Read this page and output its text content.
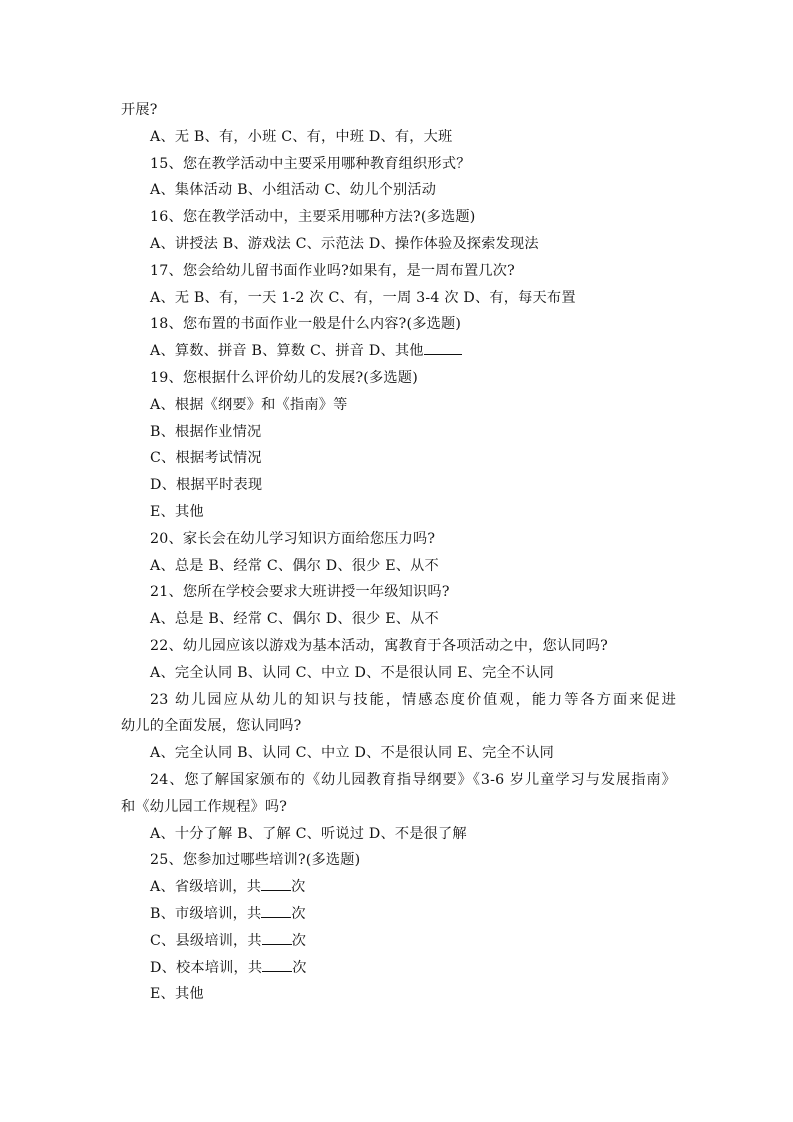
开展?
A、无 B、有，小班 C、有，中班 D、有，大班
15、您在教学活动中主要采用哪种教育组织形式？
A、集体活动 B、小组活动 C、幼儿个别活动
16、您在教学活动中，主要采用哪种方法?(多选题)
A、讲授法 B、游戏法 C、示范法 D、操作体验及探索发现法
17、您会给幼儿留书面作业吗?如果有，是一周布置几次?
A、无 B、有，一天 1-2 次 C、有，一周 3-4 次 D、有，每天布置
18、您布置的书面作业一般是什么内容?(多选题)
A、算数、拼音 B、算数 C、拼音 D、其他
19、您根据什么评价幼儿的发展?(多选题)
A、根据《纲要》和《指南》等
B、根据作业情况
C、根据考试情况
D、根据平时表现
E、其他
20、家长会在幼儿学习知识方面给您压力吗?
A、总是 B、经常 C、偶尔 D、很少 E、从不
21、您所在学校会要求大班讲授一年级知识吗?
A、总是 B、经常 C、偶尔 D、很少 E、从不
22、幼儿园应该以游戏为基本活动，寓教育于各项活动之中，您认同吗?
A、完全认同 B、认同 C、中立 D、不是很认同 E、完全不认同
23 幼儿园应从幼儿的知识与技能，情感态度价值观，能力等各方面来促进
幼儿的全面发展，您认同吗?
A、完全认同 B、认同 C、中立 D、不是很认同 E、完全不认同
24、您了解国家颁布的《幼儿园教育指导纲要》《3-6 岁儿童学习与发展指南》
和《幼儿园工作规程》吗?
A、十分了解 B、了解 C、听说过 D、不是很了解
25、您参加过哪些培训?(多选题)
A、省级培训，共 次
B、市级培训，共 次
C、县级培训，共 次
D、校本培训，共 次
E、其他
